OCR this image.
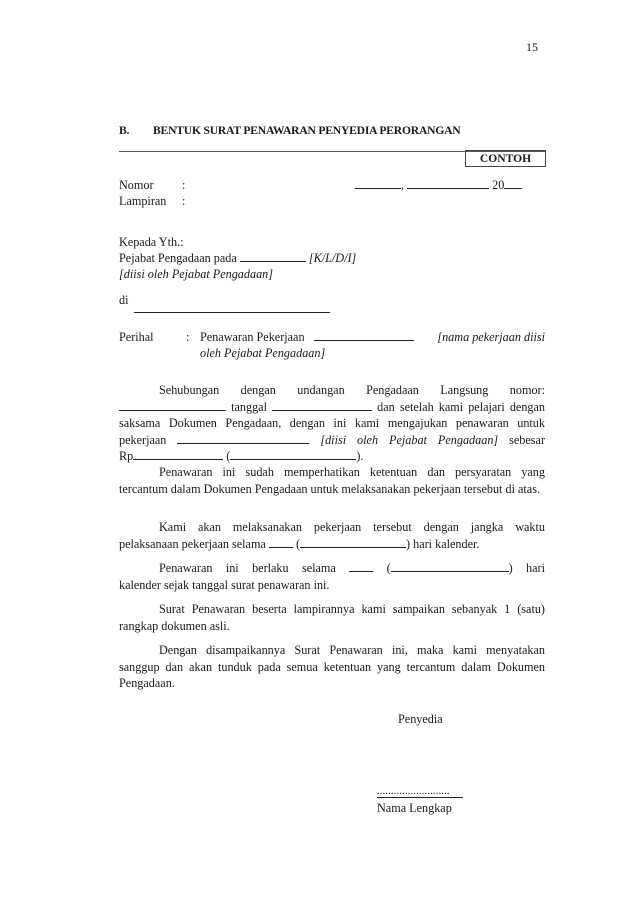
15
B. BENTUK SURAT PENAWARAN PENYEDIA PERORANGAN
CONTOH
Nomor :	,	20
Lampiran :
Kepada Yth.:
Pejabat Pengadaan pada	[K/L/D/I]
[diisi oleh Pejabat Pengadaan]
di
Perihal	: Penawaran Pekerjaan	[nama pekerjaan diisi
oleh Pejabat Pengadaan]

Sehubungan dengan undangan Pengadaan Langsung nomor:

tanggal	dan setelah kami pelajari dengan

saksama Dokumen Pengadaan, dengan ini kami mengajukan penawaran untuk

pekerjaan	[diisi oleh Pejabat Pengadaan] sebesar

Rp	(	).

Penawaran ini sudah memperhatikan ketentuan dan persyaratan yang tercantum dalam Dokumen Pengadaan untuk melaksanakan pekerjaan tersebut di atas.

Kami akan melaksanakan pekerjaan tersebut dengan jangka waktu

pelaksanaan pekerjaan selama (	) hari kalender.

Penawaran ini berlaku selama	(	) hari

kalender sejak tanggal surat penawaran ini.

Surat Penawaran beserta lampirannya kami sampaikan sebanyak 1 (satu) rangkap dokumen asli.

Dengan disampaikannya Surat Penawaran ini, maka kami menyatakan sanggup dan akan tunduk pada semua ketentuan yang tercantum dalam Dokumen Pengadaan.

Penyedia
..........................
Nama Lengkap
